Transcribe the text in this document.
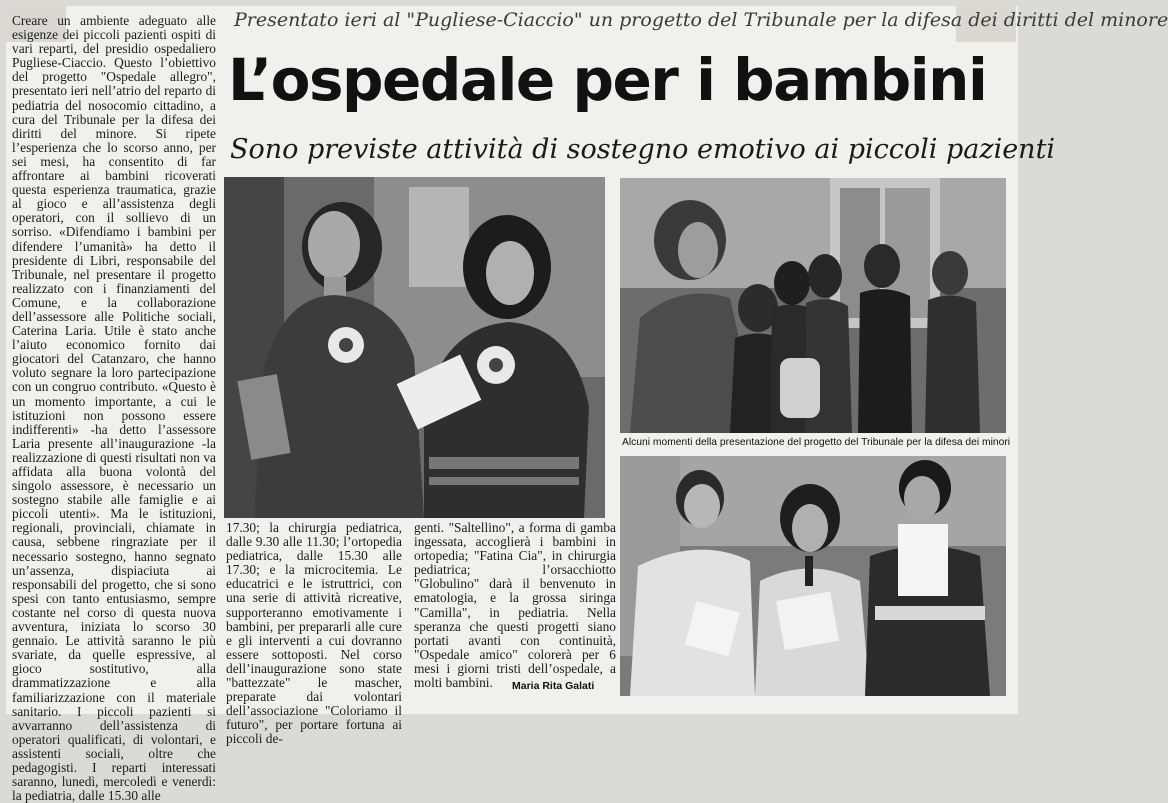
Presentato ieri al "Pugliese-Ciaccio" un progetto del Tribunale per la difesa dei diritti del minore
L’ospedale per i bambini
Sono previste attività di sostegno emotivo ai piccoli pazienti
Creare un ambiente adeguato alle esigenze dei piccoli pazienti ospiti di vari reparti, del presidio ospedaliero Pugliese-Ciaccio. Questo l’obiettivo del progetto "Ospedale allegro", presentato ieri nell’atrio del reparto di pediatria del nosocomio cittadino, a cura del Tribunale per la difesa dei diritti del minore. Si ripete l’esperienza che lo scorso anno, per sei mesi, ha consentito di far affrontare ai bambini ricoverati questa esperienza traumatica, grazie al gioco e all’assistenza degli operatori, con il sollievo di un sorriso. «Difendiamo i bambini per difendere l’umanità» ha detto il presidente di Libri, responsabile del Tribunale, nel presentare il progetto realizzato con i finanziamenti del Comune, e la collaborazione dell’assessore alle Politiche sociali, Caterina Laria. Utile è stato anche l’aiuto economico fornito dai giocatori del Catanzaro, che hanno voluto segnare la loro partecipazione con un congruo contributo. «Questo è un momento importante, a cui le istituzioni non possono essere indifferenti» -ha detto l’assessore Laria presente all’inaugurazione -la realizzazione di questi risultati non va affidata alla buona volontà del singolo assessore, è necessario un sostegno stabile alle famiglie e ai piccoli utenti». Ma le istituzioni, regionali, provinciali, chiamate in causa, sebbene ringraziate per il necessario sostegno, hanno segnato un’assenza, dispiaciuta ai responsabili del progetto, che si sono spesi con tanto entusiasmo, sempre costante nel corso di questa nuova avventura, iniziata lo scorso 30 gennaio. Le attività saranno le più svariate, da quelle espressive, al gioco sostitutivo, alla drammatizzazione e alla familiarizzazione con il materiale sanitario. I piccoli pazienti si avvarranno dell’assistenza di operatori qualificati, di volontari, e assistenti sociali, oltre che pedagogisti. I reparti interessati saranno, lunedì, mercoledì e venerdì: la pediatria, dalle 15.30 alle
Alcuni momenti della presentazione del progetto del Tribunale per la difesa dei minori
17.30; la chirurgia pediatrica, dalle 9.30 alle 11.30; l’ortopedia pediatrica, dalle 15.30 alle 17.30; e la microcitemia. Le educatrici e le istruttrici, con una serie di attività ricreative, supporteranno emotivamente i bambini, per prepararli alle cure e gli interventi a cui dovranno essere sottoposti. Nel corso dell’inaugurazione sono state "battezzate" le mascher, preparate dai volontari dell’associazione "Coloriamo il futuro", per portare fortuna ai piccoli de-
genti. "Saltellino", a forma di gamba ingessata, accoglierà i bambini in ortopedia; "Fatina Cia", in chirurgia pediatrica; l’orsacchiotto "Globulino" darà il benvenuto in ematologia, e la grossa siringa "Camilla", in pediatria. Nella speranza che questi progetti siano portati avanti con continuità, "Ospedale amico" colorerà per 6 mesi i giorni tristi dell’ospedale, a molti bambini.	Maria Rita Galati
